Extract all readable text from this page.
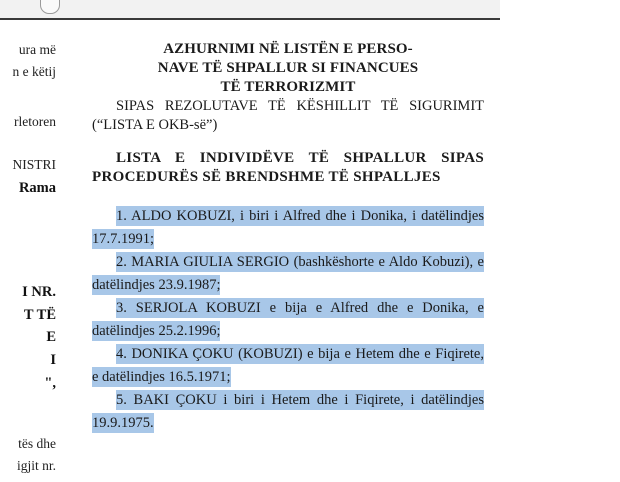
ura më
n e këtij
rletoren
NISTRI
Rama
I NR.
T TË
E
I
",
tës dhe
igjit nr.
AZHURNIMI NË LISTËN E PERSO-
NAVE TË SHPALLUR SI FINANCUES
TË TERRORIZMIT

SIPAS REZOLUTAVE TË KËSHILLIT TË SIGURIMIT (“LISTA E OKB-së”)

LISTA E INDIVIDËVE TË SHPALLUR SIPAS PROCEDURËS SË BRENDSHME TË SHPALLJES

1. ALDO KOBUZI, i biri i Alfred dhe i Donika, i datëlindjes 17.7.1991;

2. MARIA GIULIA SERGIO (bashkëshorte e Aldo Kobuzi), e datëlindjes 23.9.1987;

3. SERJOLA KOBUZI e bija e Alfred dhe e Donika, e datëlindjes 25.2.1996;

4. DONIKA ÇOKU (KOBUZI) e bija e Hetem dhe e Fiqirete, e datëlindjes 16.5.1971;

5. BAKI ÇOKU i biri i Hetem dhe i Fiqirete, i datëlindjes 19.9.1975.
